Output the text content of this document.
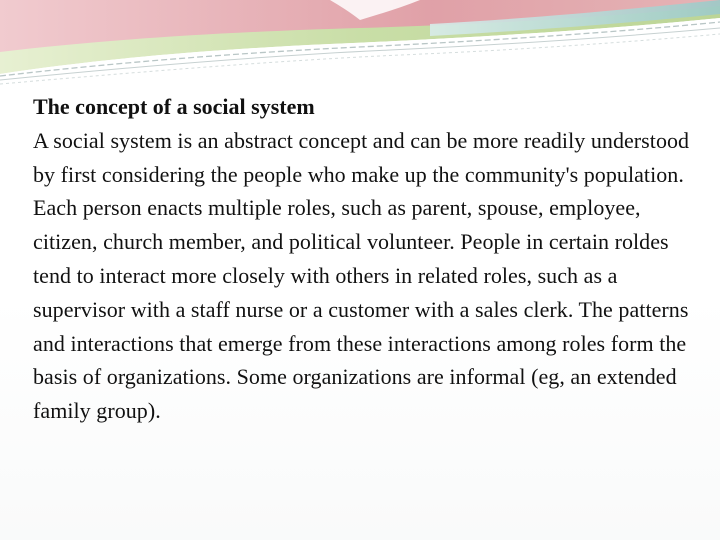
The concept of a social system
A social system is an abstract concept and can be more readily understood by first considering the people who make up the community's population. Each person enacts multiple roles, such as parent, spouse, employee, citizen, church member, and political volunteer. People in certain roldes tend to interact more closely with others in related roles, such as a supervisor with a staff nurse or a customer with a sales clerk. The patterns and interactions that emerge from these interactions among roles form the basis of organizations. Some organizations are informal (eg, an extended family group).
